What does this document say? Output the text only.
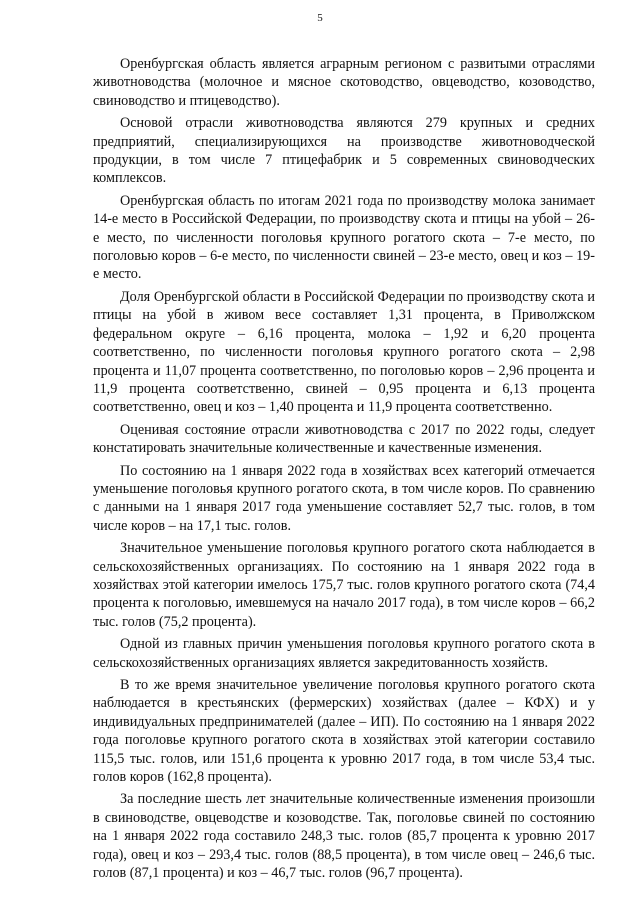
5

Оренбургская область является аграрным регионом с развитыми отраслями животноводства (молочное и мясное скотоводство, овцеводство, козоводство, свиноводство и птицеводство).

Основой отрасли животноводства являются 279 крупных и средних предприятий, специализирующихся на производстве животноводческой продукции, в том числе 7 птицефабрик и 5 современных свиноводческих комплексов.

Оренбургская область по итогам 2021 года по производству молока занимает 14-е место в Российской Федерации, по производству скота и птицы на убой – 26-е место, по численности поголовья крупного рогатого скота – 7-е место, по поголовью коров – 6-е место, по численности свиней – 23-е место, овец и коз – 19-е место.

Доля Оренбургской области в Российской Федерации по производству скота и птицы на убой в живом весе составляет 1,31 процента, в Приволжском федеральном округе – 6,16 процента, молока – 1,92 и 6,20 процента соответственно, по численности поголовья крупного рогатого скота – 2,98 процента и 11,07 процента соответственно, по поголовью коров – 2,96 процента и 11,9 процента соответственно, свиней – 0,95 процента и 6,13 процента соответственно, овец и коз – 1,40 процента и 11,9 процента соответственно.

Оценивая состояние отрасли животноводства с 2017 по 2022 годы, следует констатировать значительные количественные и качественные изменения.

По состоянию на 1 января 2022 года в хозяйствах всех категорий отмечается уменьшение поголовья крупного рогатого скота, в том числе коров. По сравнению с данными на 1 января 2017 года уменьшение составляет 52,7 тыс. голов, в том числе коров – на 17,1 тыс. голов.

Значительное уменьшение поголовья крупного рогатого скота наблюдается в сельскохозяйственных организациях. По состоянию на 1 января 2022 года в хозяйствах этой категории имелось 175,7 тыс. голов крупного рогатого скота (74,4 процента к поголовью, имевшемуся на начало 2017 года), в том числе коров – 66,2 тыс. голов (75,2 процента).

Одной из главных причин уменьшения поголовья крупного рогатого скота в сельскохозяйственных организациях является закредитованность хозяйств.

В то же время значительное увеличение поголовья крупного рогатого скота наблюдается в крестьянских (фермерских) хозяйствах (далее – КФХ) и у индивидуальных предпринимателей (далее – ИП). По состоянию на 1 января 2022 года поголовье крупного рогатого скота в хозяйствах этой категории составило 115,5 тыс. голов, или 151,6 процента к уровню 2017 года, в том числе 53,4 тыс. голов коров (162,8 процента).

За последние шесть лет значительные количественные изменения произошли в свиноводстве, овцеводстве и козоводстве. Так, поголовье свиней по состоянию на 1 января 2022 года составило 248,3 тыс. голов (85,7 процента к уровню 2017 года), овец и коз – 293,4 тыс. голов (88,5 процента), в том числе овец – 246,6 тыс. голов (87,1 процента) и коз – 46,7 тыс. голов (96,7 процента).
